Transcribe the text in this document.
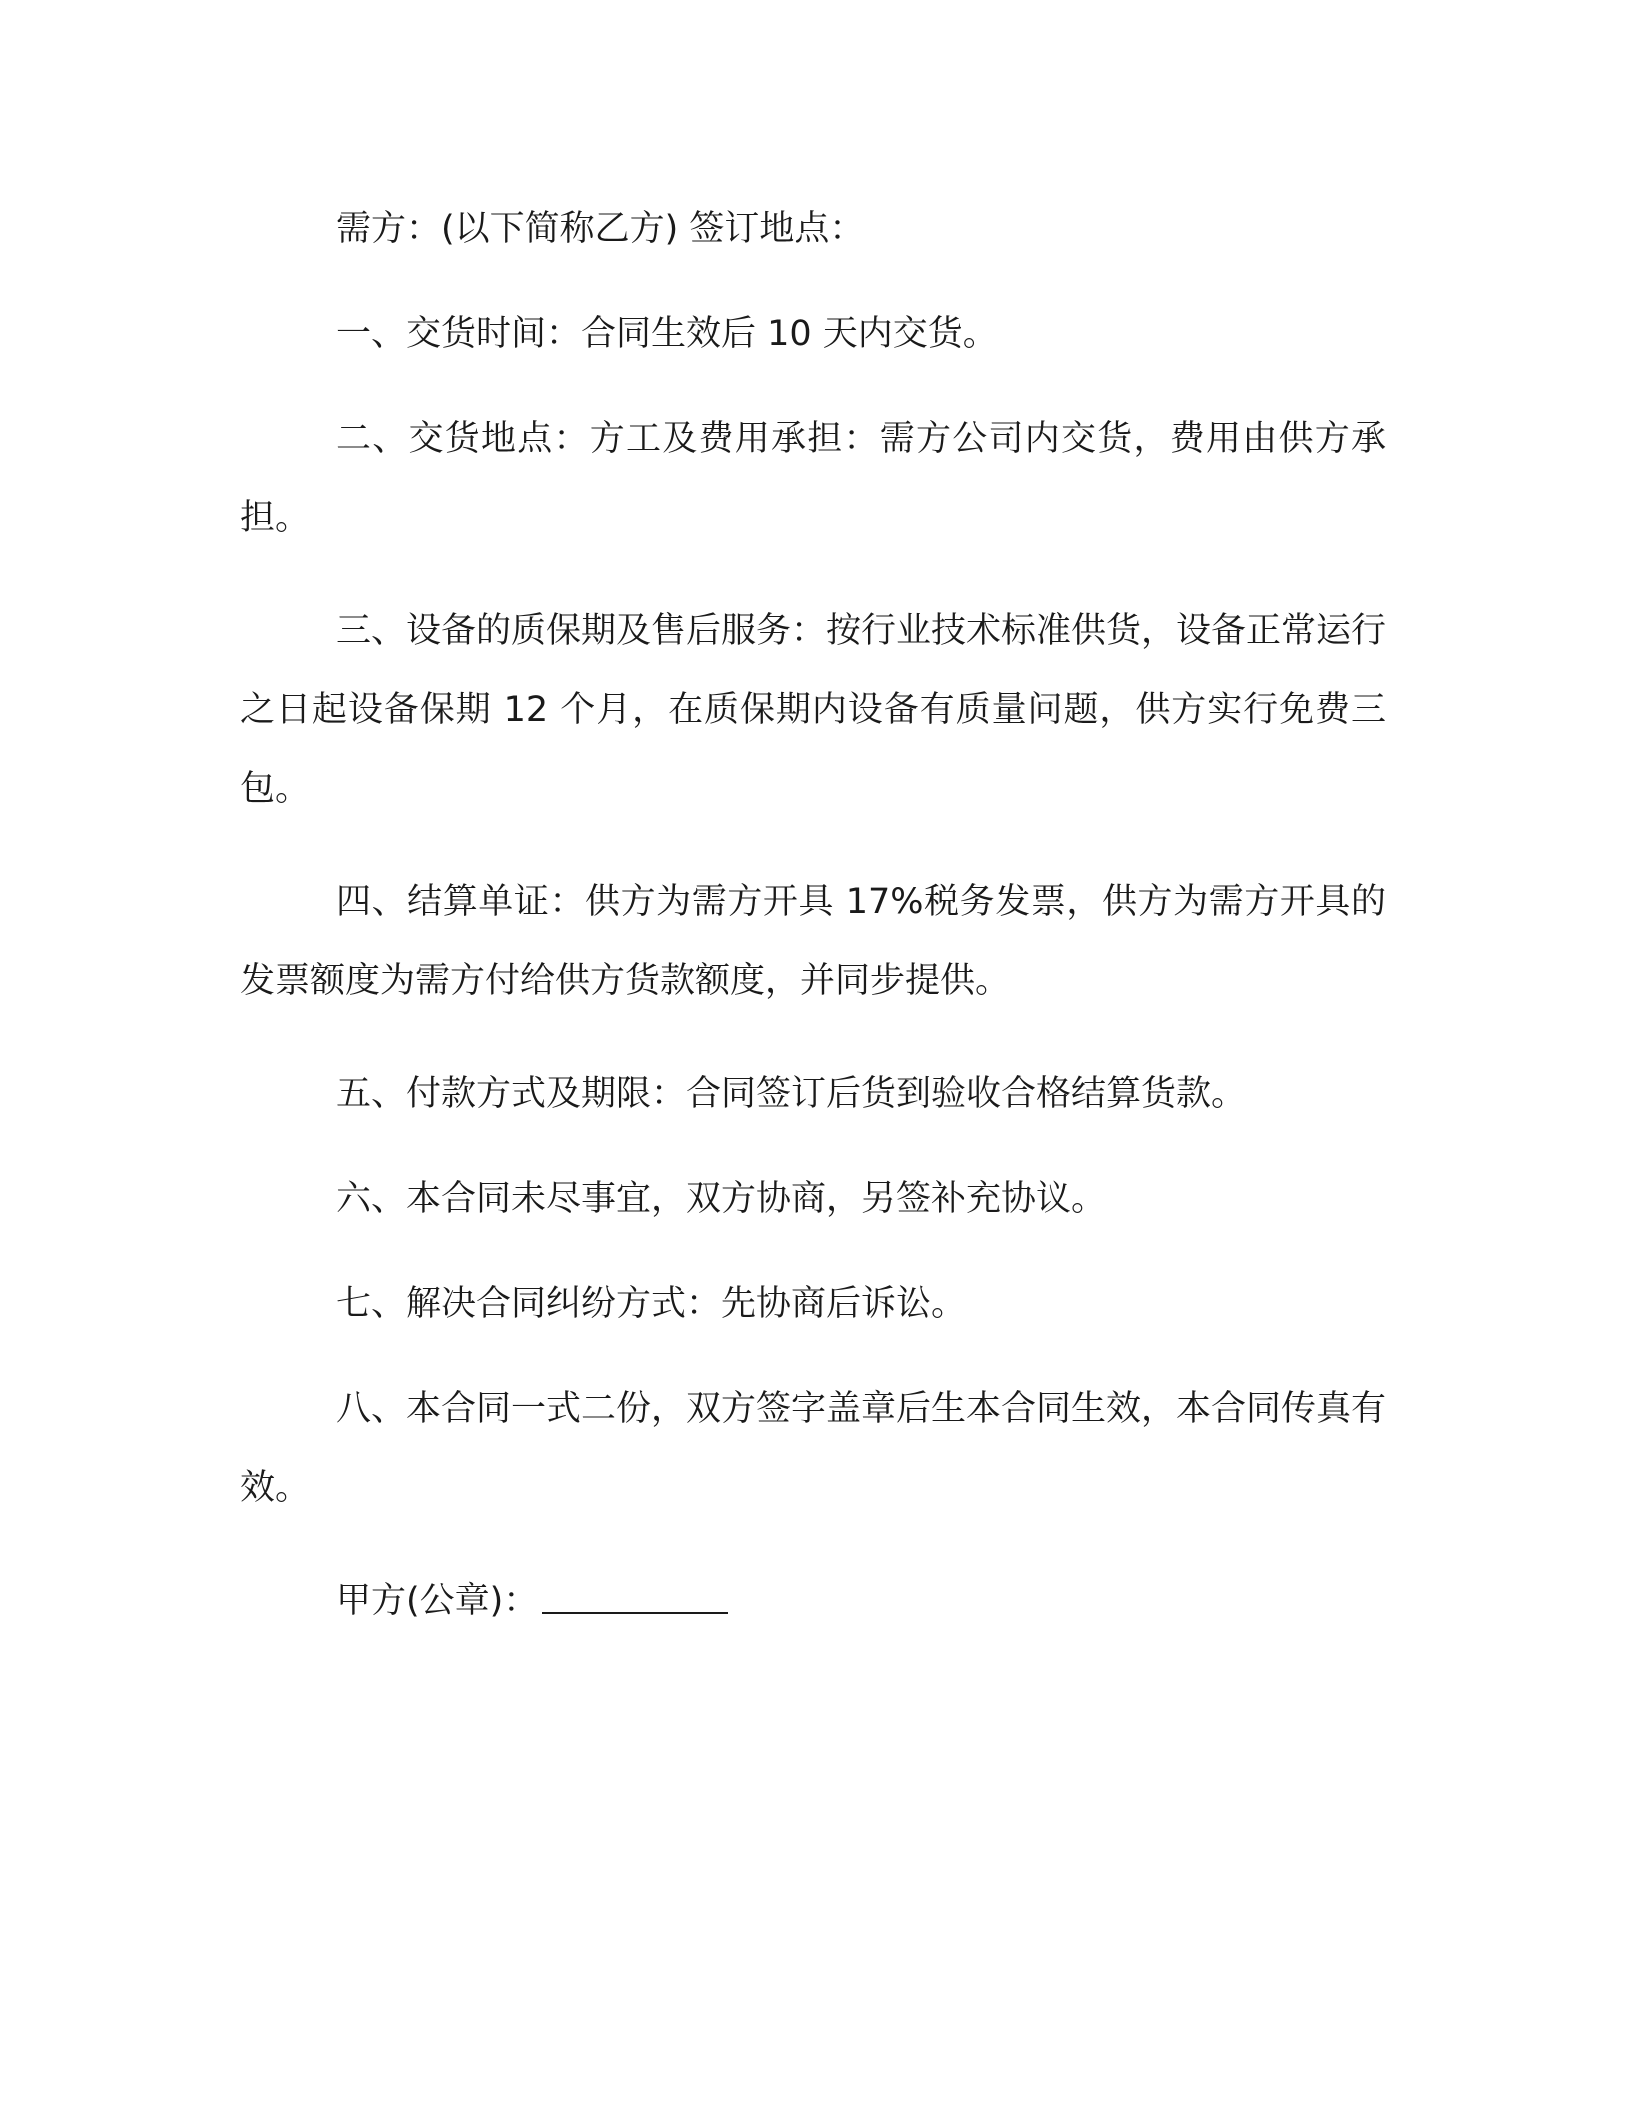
需方：(以下简称乙方) 签订地点：

一、交货时间：合同生效后 10 天内交货。

二、交货地点：方工及费用承担：需方公司内交货，费用由供方承担。

三、设备的质保期及售后服务：按行业技术标准供货，设备正常运行之日起设备保期 12 个月，在质保期内设备有质量问题，供方实行免费三包。

四、结算单证：供方为需方开具 17%税务发票，供方为需方开具的发票额度为需方付给供方货款额度，并同步提供。

五、付款方式及期限：合同签订后货到验收合格结算货款。

六、本合同未尽事宜，双方协商，另签补充协议。

七、解决合同纠纷方式：先协商后诉讼。

八、本合同一式二份，双方签字盖章后生本合同生效，本合同传真有效。

甲方(公章)：
